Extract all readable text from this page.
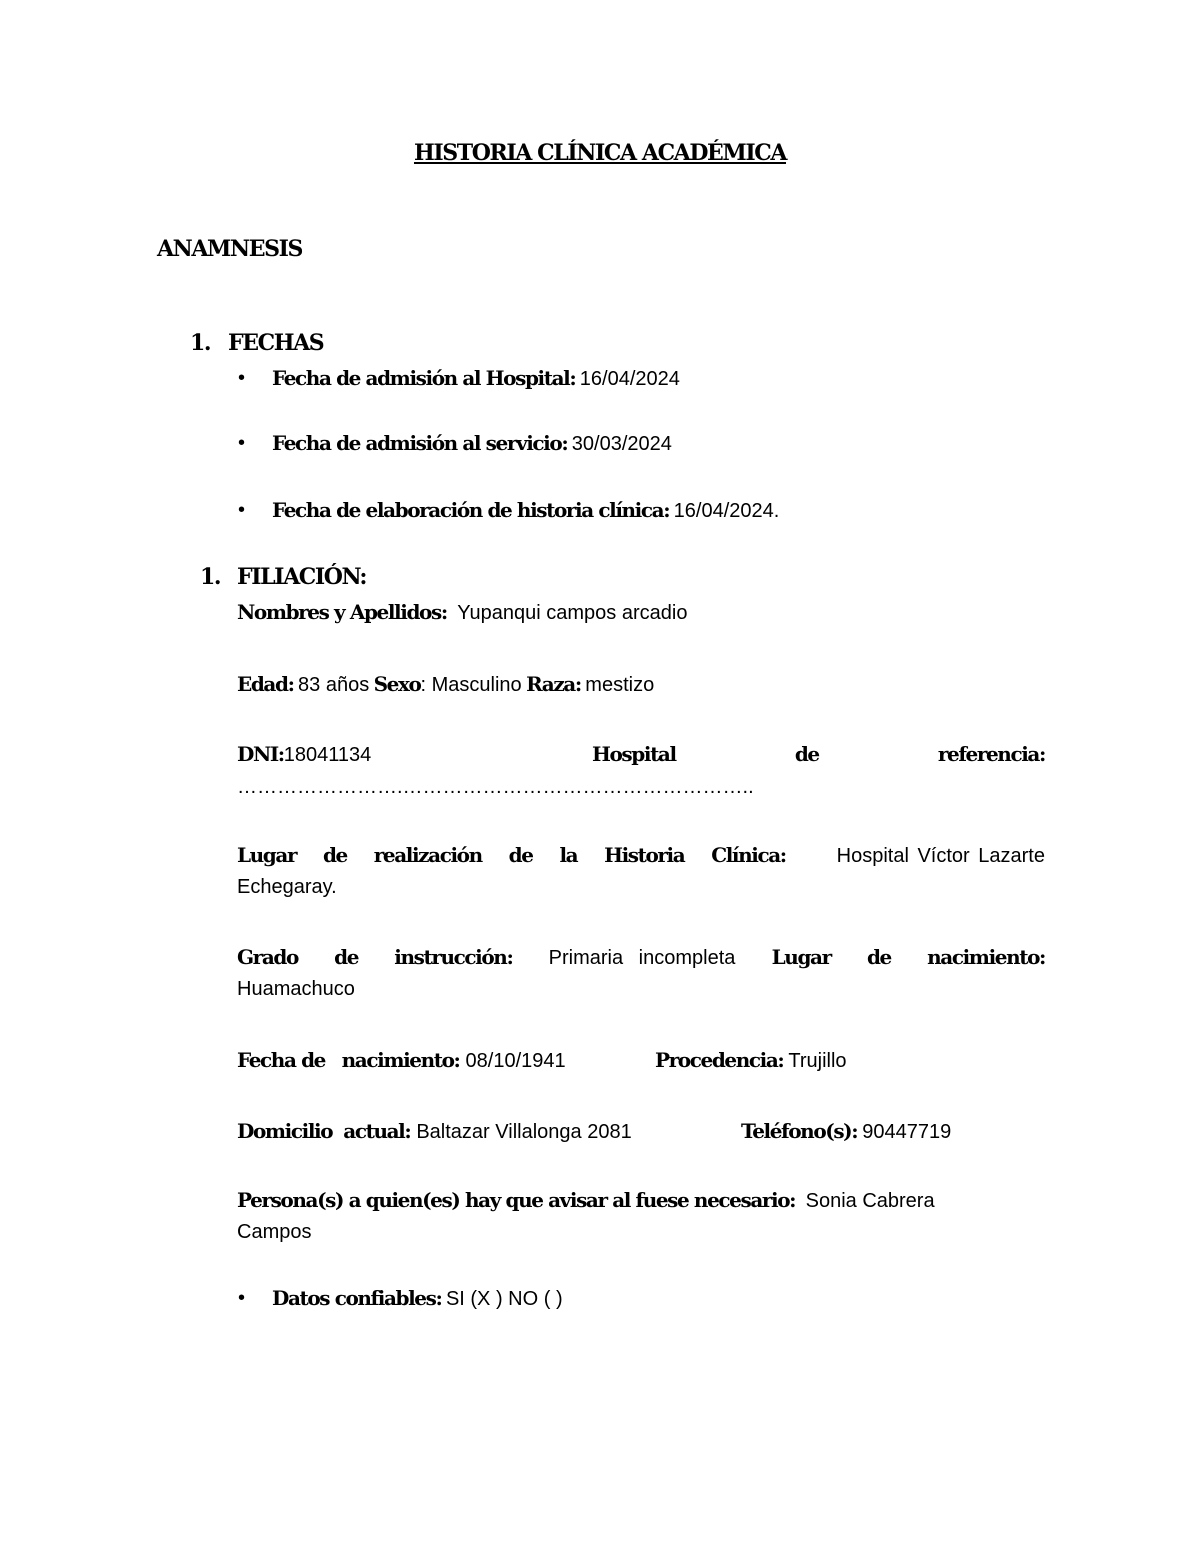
HISTORIA CLÍNICA ACADÉMICA
ANAMNESIS
1. FECHAS
• Fecha de admisión al Hospital: 16/04/2024
• Fecha de admisión al servicio: 30/03/2024
• Fecha de elaboración de historia clínica: 16/04/2024.
1. FILIACIÓN:
Nombres y Apellidos: Yupanqui campos arcadio
Edad: 83 años Sexo: Masculino Raza: mestizo
DNI:18041134	Hospital	de	referencia:
…………………….……………………………………………..
Lugar de realización de la Historia Clínica:	Hospital Víctor Lazarte
Echegaray.
Grado de instrucción: Primaria incompleta Lugar de nacimiento:
Huamachuco
Fecha de   nacimiento: 08/10/1941	Procedencia: Trujillo
Domicilio  actual: Baltazar Villalonga 2081	Teléfono(s): 90447719
Persona(s) a quien(es) hay que avisar al fuese necesario: Sonia Cabrera
Campos
• Datos confiables: SI (X ) NO ( )
